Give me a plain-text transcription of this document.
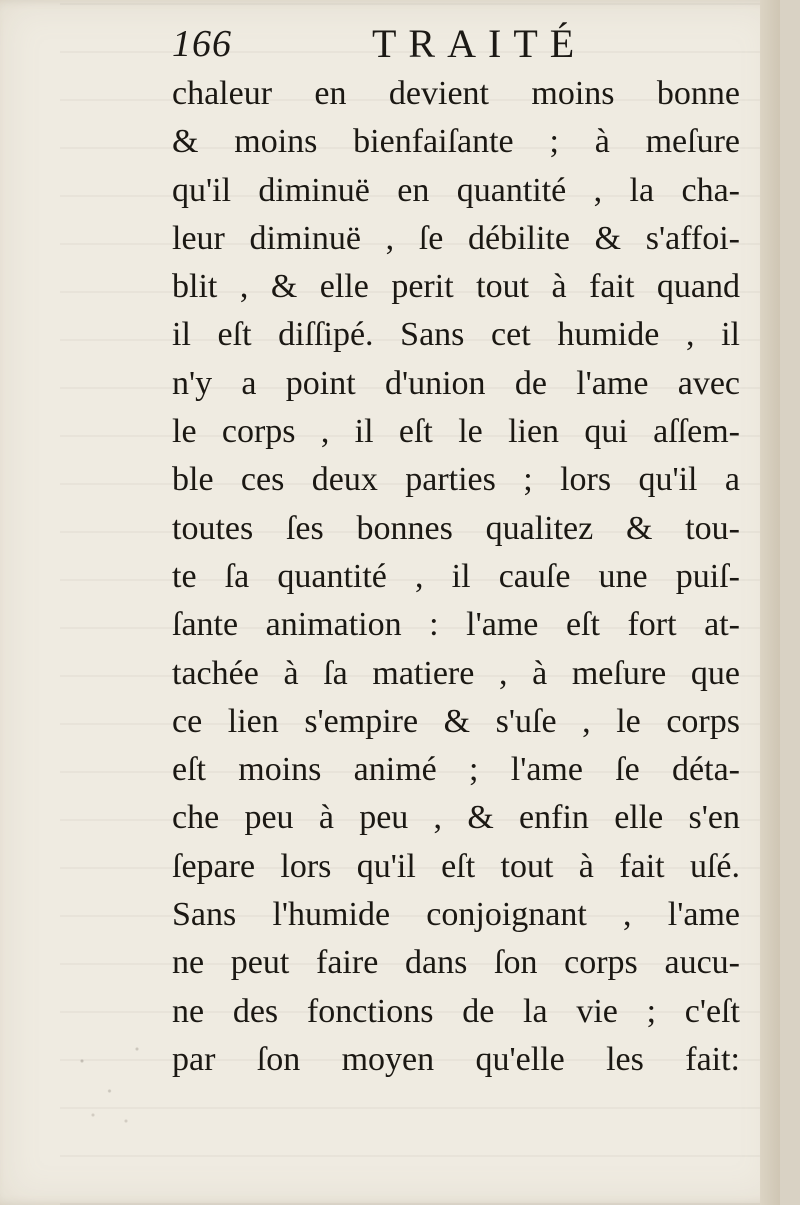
166	TRAITÉ
chaleur en devient moins bonne
& moins bienfaiſante ; à meſure
qu'il diminuë en quantité , la cha-
leur diminuë , ſe débilite & s'affoi-
blit , & elle perit tout à fait quand
il eſt diſſipé. Sans cet humide , il
n'y a point d'union de l'ame avec
le corps , il eſt le lien qui aſſem-
ble ces deux parties ; lors qu'il a
toutes ſes bonnes qualitez & tou-
te ſa quantité , il cauſe une puiſ-
ſante animation : l'ame eſt fort at-
tachée à ſa matiere , à meſure que
ce lien s'empire & s'uſe , le corps
eſt moins animé ; l'ame ſe déta-
che peu à peu , & enfin elle s'en
ſepare lors qu'il eſt tout à fait uſé.
Sans l'humide conjoignant , l'ame
ne peut faire dans ſon corps aucu-
ne des fonctions de la vie ; c'eſt
par ſon moyen qu'elle les fait:
